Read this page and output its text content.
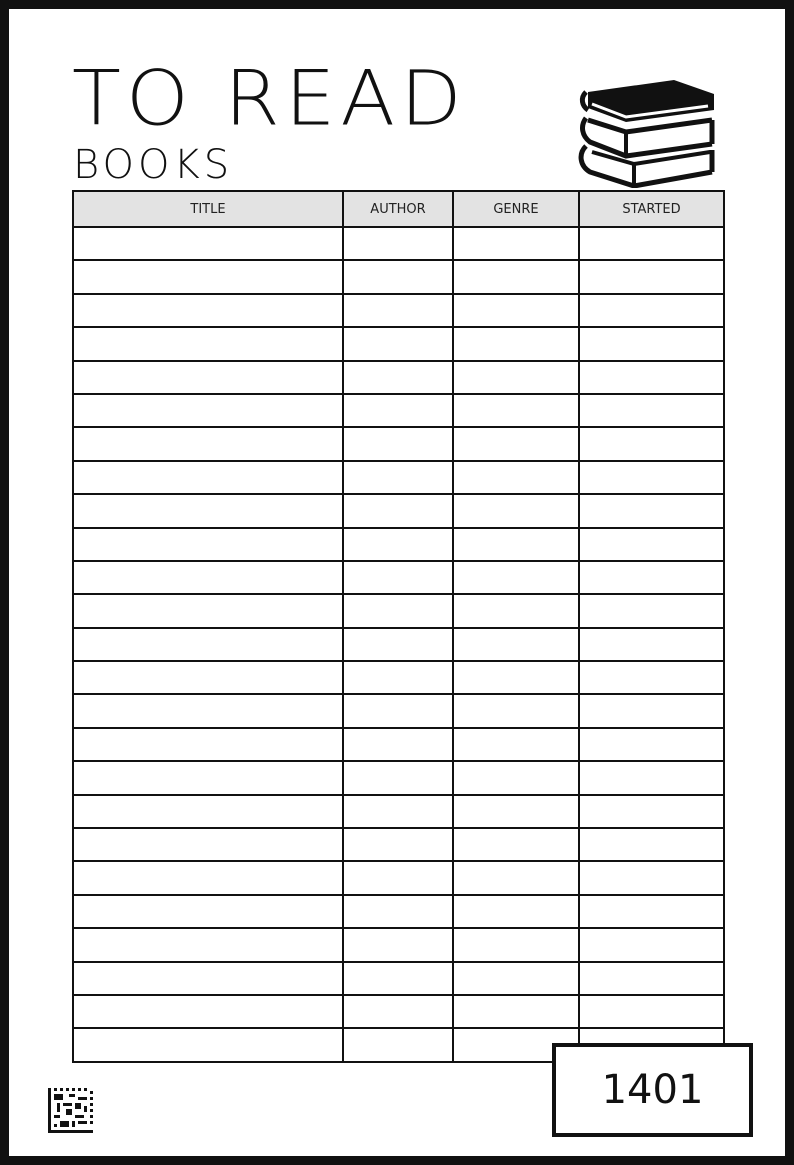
TO READ
BOOKS
TITLE	AUTHOR	GENRE	STARTED

1401
